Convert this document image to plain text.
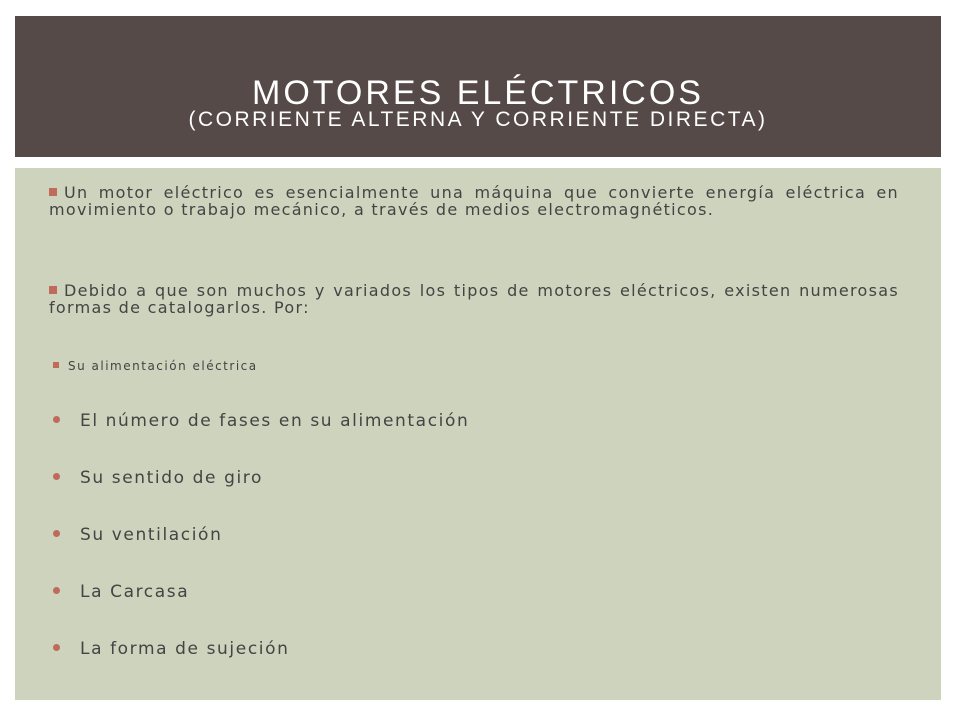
MOTORES ELÉCTRICOS
(CORRIENTE ALTERNA Y CORRIENTE DIRECTA)
Un motor eléctrico es esencialmente una máquina que convierte energía eléctrica en movimiento o trabajo mecánico, a través de medios electromagnéticos.
Debido a que son muchos y variados los tipos de motores eléctricos, existen numerosas formas de catalogarlos. Por:
Su alimentación eléctrica
El número de fases en su alimentación
Su sentido de giro
Su ventilación
La Carcasa
La forma de sujeción
